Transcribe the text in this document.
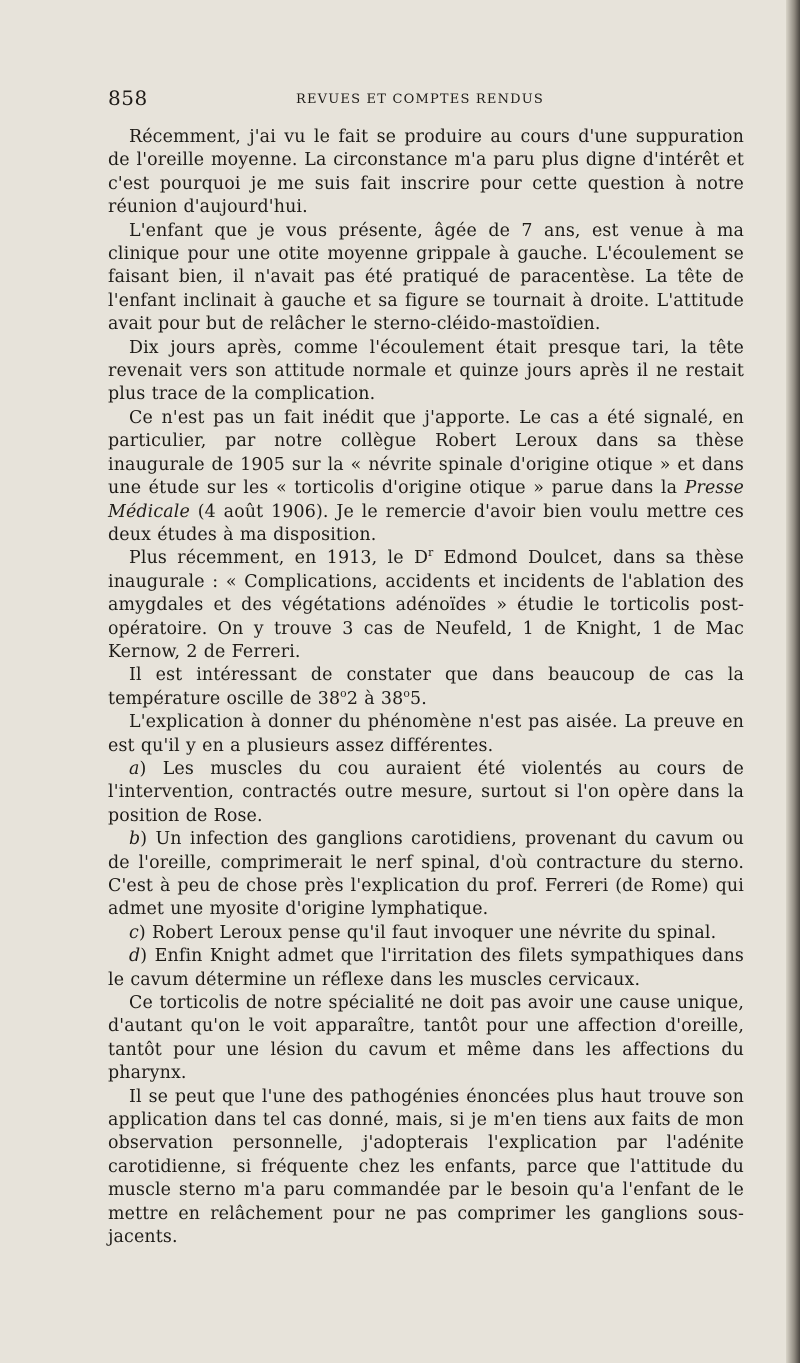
858	REVUES ET COMPTES RENDUS

Récemment, j'ai vu le fait se produire au cours d'une suppuration de l'oreille moyenne. La circonstance m'a paru plus digne d'intérêt et c'est pourquoi je me suis fait inscrire pour cette question à notre réunion d'aujourd'hui.

L'enfant que je vous présente, âgée de 7 ans, est venue à ma clinique pour une otite moyenne grippale à gauche. L'écoulement se faisant bien, il n'avait pas été pratiqué de paracentèse. La tête de l'enfant inclinait à gauche et sa figure se tournait à droite. L'attitude avait pour but de relâcher le sterno-cléido-mastoïdien.

Dix jours après, comme l'écoulement était presque tari, la tête revenait vers son attitude normale et quinze jours après il ne restait plus trace de la complication.

Ce n'est pas un fait inédit que j'apporte. Le cas a été signalé, en particulier, par notre collègue Robert Leroux dans sa thèse inaugurale de 1905 sur la « névrite spinale d'origine otique » et dans une étude sur les « torticolis d'origine otique » parue dans la Presse Médicale (4 août 1906). Je le remercie d'avoir bien voulu mettre ces deux études à ma disposition.

Plus récemment, en 1913, le $D^r$ Edmond Doulcet, dans sa thèse inaugurale : « Complications, accidents et incidents de l'ablation des amygdales et des végétations adénoïdes » étudie le torticolis post-opératoire. On y trouve 3 cas de Neufeld, 1 de Knight, 1 de Mac Kernow, 2 de Ferreri.

Il est intéressant de constater que dans beaucoup de cas la température oscille de 38$^o$2 à 38$^o$5.

L'explication à donner du phénomène n'est pas aisée. La preuve en est qu'il y en a plusieurs assez différentes.

a) Les muscles du cou auraient été violentés au cours de l'intervention, contractés outre mesure, surtout si l'on opère dans la position de Rose.

b) Un infection des ganglions carotidiens, provenant du cavum ou de l'oreille, comprimerait le nerf spinal, d'où contracture du sterno. C'est à peu de chose près l'explication du prof. Ferreri (de Rome) qui admet une myosite d'origine lymphatique.

c) Robert Leroux pense qu'il faut invoquer une névrite du spinal.

d) Enfin Knight admet que l'irritation des filets sympathiques dans le cavum détermine un réflexe dans les muscles cervicaux.

Ce torticolis de notre spécialité ne doit pas avoir une cause unique, d'autant qu'on le voit apparaître, tantôt pour une affection d'oreille, tantôt pour une lésion du cavum et même dans les affections du pharynx.

Il se peut que l'une des pathogénies énoncées plus haut trouve son application dans tel cas donné, mais, si je m'en tiens aux faits de mon observation personnelle, j'adopterais l'explication par l'adénite carotidienne, si fréquente chez les enfants, parce que l'attitude du muscle sterno m'a paru commandée par le besoin qu'a l'enfant de le mettre en relâchement pour ne pas comprimer les ganglions sous-jacents.
